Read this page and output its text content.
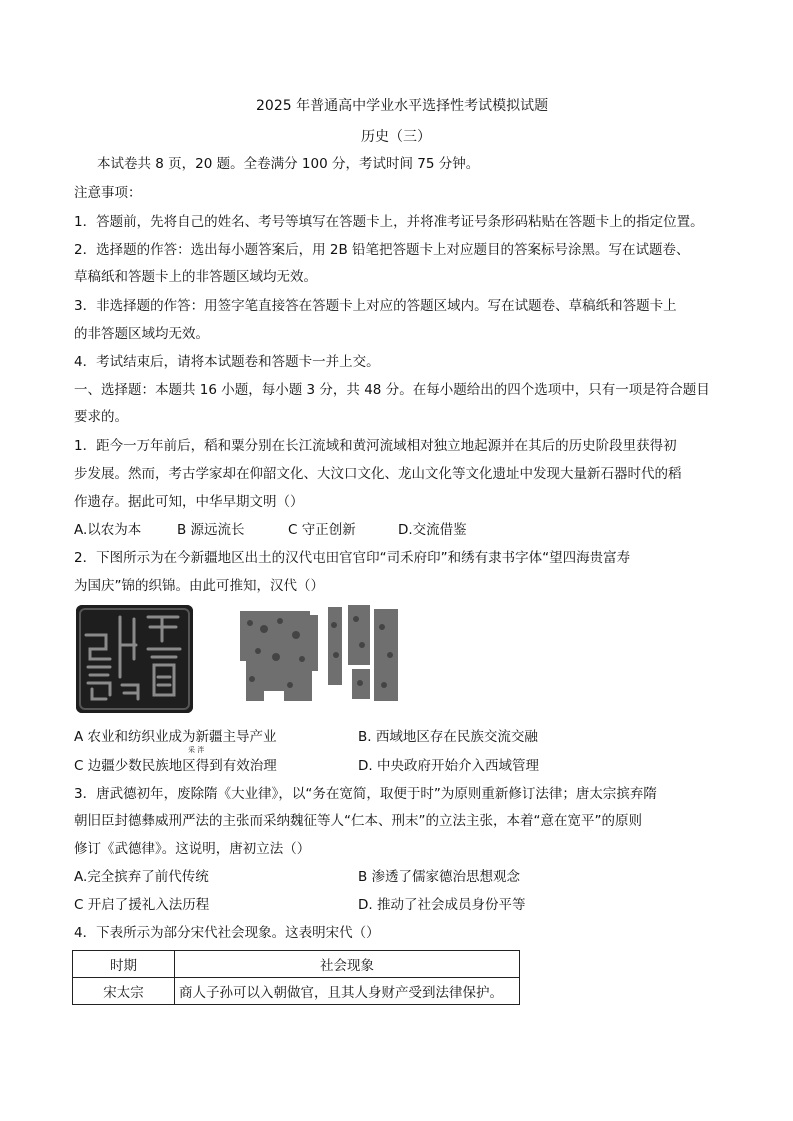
2025 年普通高中学业水平选择性考试模拟试题
历史（三）
本试卷共 8 页，20 题。全卷满分 100 分，考试时间 75 分钟。
注意事项：
1．答题前，先将自己的姓名、考号等填写在答题卡上，并将准考证号条形码粘贴在答题卡上的指定位置。
2．选择题的作答：选出每小题答案后，用 2B 铅笔把答题卡上对应题目的答案标号涂黑。写在试题卷、
草稿纸和答题卡上的非答题区域均无效。
3．非选择题的作答：用签字笔直接答在答题卡上对应的答题区域内。写在试题卷、草稿纸和答题卡上
的非答题区域均无效。
4．考试结束后，请将本试题卷和答题卡一并上交。
一、选择题：本题共 16 小题，每小题 3 分，共 48 分。在每小题给出的四个选项中，只有一项是符合题目
要求的。
1．距今一万年前后，稻和粟分别在长江流域和黄河流域相对独立地起源并在其后的历史阶段里获得初
步发展。然而，考古学家却在仰韶文化、大汶口文化、龙山文化等文化遗址中发现大量新石器时代的稻
作遗存。据此可知，中华早期文明（）
A.以农为本	B 源远流长	C 守正创新	D.交流借鉴
2．下图所示为在今新疆地区出土的汉代屯田官官印“司禾府印”和绣有隶书字体“望四海贵富寿
为国庆”锦的织锦。由此可推知，汉代（）
A 农业和纺织业成为新疆主导产业	B. 西域地区存在民族交流交融
采 泮
C 边疆少数民族地区得到有效治理	D. 中央政府开始介入西域管理
3．唐武德初年，废除隋《大业律》，以“务在宽简，取便于时”为原则重新修订法律；唐太宗摈弃隋
朝旧臣封德彝威刑严法的主张而采纳魏征等人“仁本、刑末”的立法主张，本着“意在宽平”的原则
修订《武德律》。这说明，唐初立法（）
A.完全摈弃了前代传统	B 渗透了儒家德治思想观念
C 开启了援礼入法历程	D. 推动了社会成员身份平等
4．下表所示为部分宋代社会现象。这表明宋代（）
时期	社会现象
宋太宗	商人子孙可以入朝做官，且其人身财产受到法律保护。
